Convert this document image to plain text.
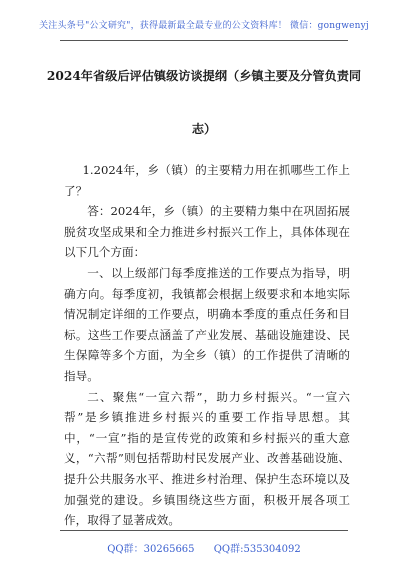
关注头条号"公文研究"，获得最新最全最专业的公文资料库！ 微信：gongwenyj
2024年省级后评估镇级访谈提纲（乡镇主要及分管负责同
志）

1.2024年，乡（镇）的主要精力用在抓哪些工作上了？

答：2024年，乡（镇）的主要精力集中在巩固拓展脱贫攻坚成果和全力推进乡村振兴工作上，具体体现在以下几个方面：

一、以上级部门每季度推送的工作要点为指导，明确方向。每季度初，我镇都会根据上级要求和本地实际情况制定详细的工作要点，明确本季度的重点任务和目标。这些工作要点涵盖了产业发展、基础设施建设、民生保障等多个方面，为全乡（镇）的工作提供了清晰的指导。

二、聚焦“一宣六帮”，助力乡村振兴。“一宣六帮”是乡镇推进乡村振兴的重要工作指导思想。其中，“一宣”指的是宣传党的政策和乡村振兴的重大意义，“六帮”则包括帮助村民发展产业、改善基础设施、提升公共服务水平、推进乡村治理、保护生态环境以及加强党的建设。乡镇围绕这些方面，积极开展各项工作，取得了显著成效。

QQ群：30265665 QQ群:535304092
